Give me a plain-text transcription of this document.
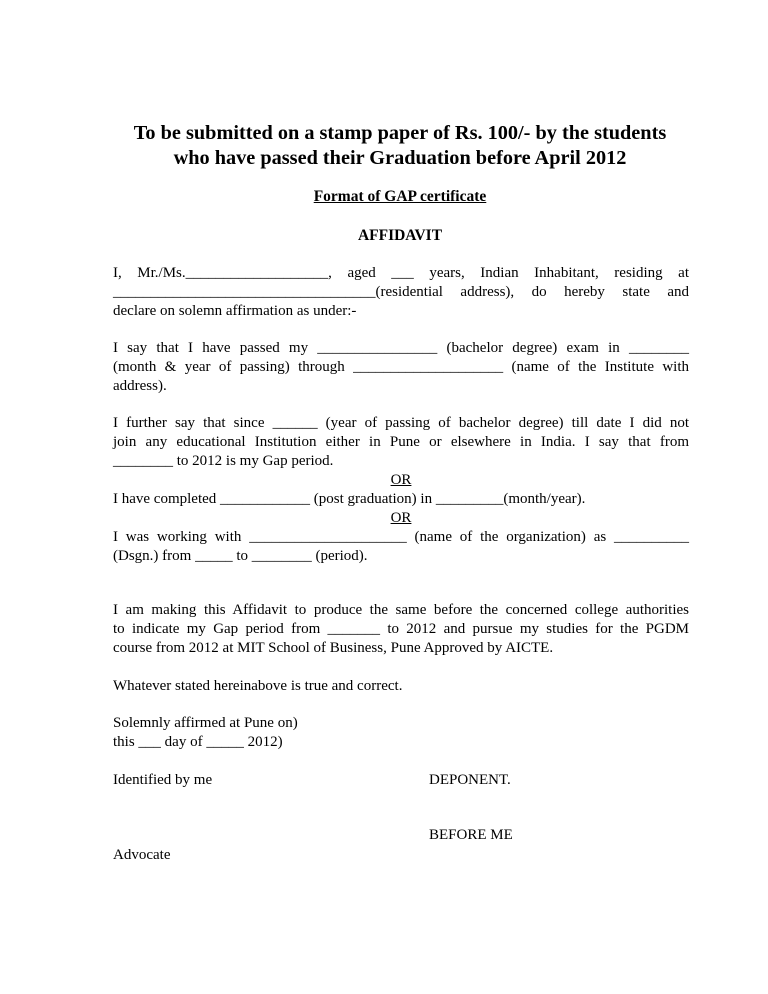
To be submitted on a stamp paper of Rs. 100/- by the students
who have passed their Graduation before April 2012
Format of GAP certificate
AFFIDAVIT
I, Mr./Ms.___________________, aged ___ years, Indian Inhabitant, residing at
___________________________________(residential address), do hereby state and
declare on solemn affirmation as under:-
I say that I have passed my ________________ (bachelor degree) exam in ________
(month & year of passing) through ____________________ (name of the Institute with
address).
I further say that since ______ (year of passing of bachelor degree) till date I did not
join any educational Institution either in Pune or elsewhere in India. I say that from
________ to 2012 is my Gap period.
OR
I have completed ____________ (post graduation) in _________(month/year).
OR
I was working with _____________________ (name of the organization) as __________
(Dsgn.) from _____ to ________ (period).
I am making this Affidavit to produce the same before the concerned college authorities
to indicate my Gap period from _______ to 2012 and pursue my studies for the PGDM
course from 2012 at MIT School of Business, Pune Approved by AICTE.
Whatever stated hereinabove is true and correct.
Solemnly affirmed at Pune on)
this ___ day of _____ 2012)
Identified by me	DEPONENT.
BEFORE ME
Advocate
